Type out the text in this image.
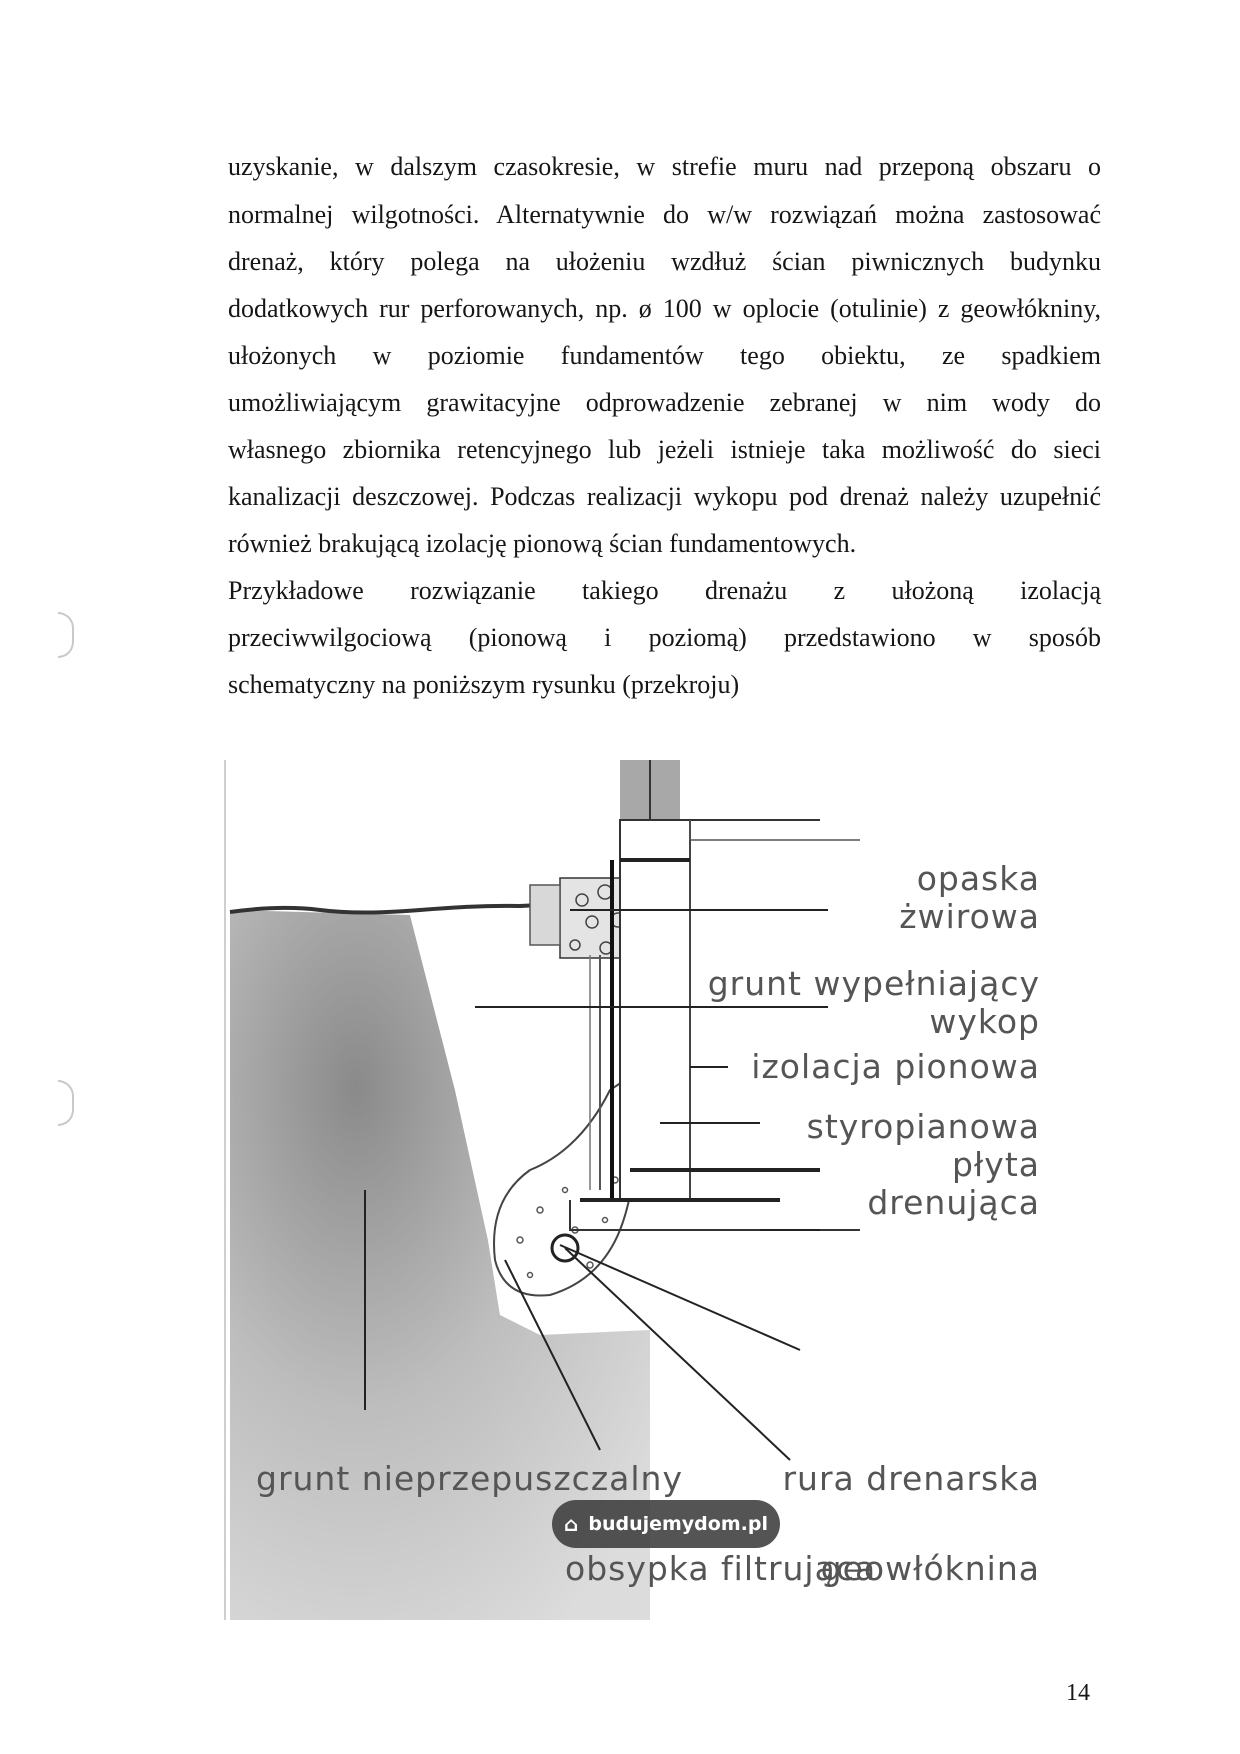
uzyskanie, w dalszym czasokresie, w strefie muru nad przeponą obszaru o
normalnej wilgotności. Alternatywnie do w/w rozwiązań można zastosować
drenaż, który polega na ułożeniu wzdłuż ścian piwnicznych budynku
dodatkowych rur perforowanych, np. ø 100 w oplocie (otulinie) z geowłókniny,
ułożonych w poziomie fundamentów tego obiektu, ze spadkiem
umożliwiającym grawitacyjne odprowadzenie zebranej w nim wody do
własnego zbiornika retencyjnego lub jeżeli istnieje taka możliwość do sieci
kanalizacji deszczowej. Podczas realizacji wykopu pod drenaż należy uzupełnić
również brakującą izolację pionową ścian fundamentowych.
Przykładowe rozwiązanie takiego drenażu z ułożoną izolacją
przeciwwilgociową (pionową i poziomą) przedstawiono w sposób
schematyczny na poniższym rysunku (przekroju)
opaska
żwirowa
grunt wypełniający
wykop
izolacja pionowa
styropianowa
płyta
drenująca
grunt nieprzepuszczalny	rura drenarska
obsypka filtrująca
geowłóknina
⌂ budujemydom.pl
14
